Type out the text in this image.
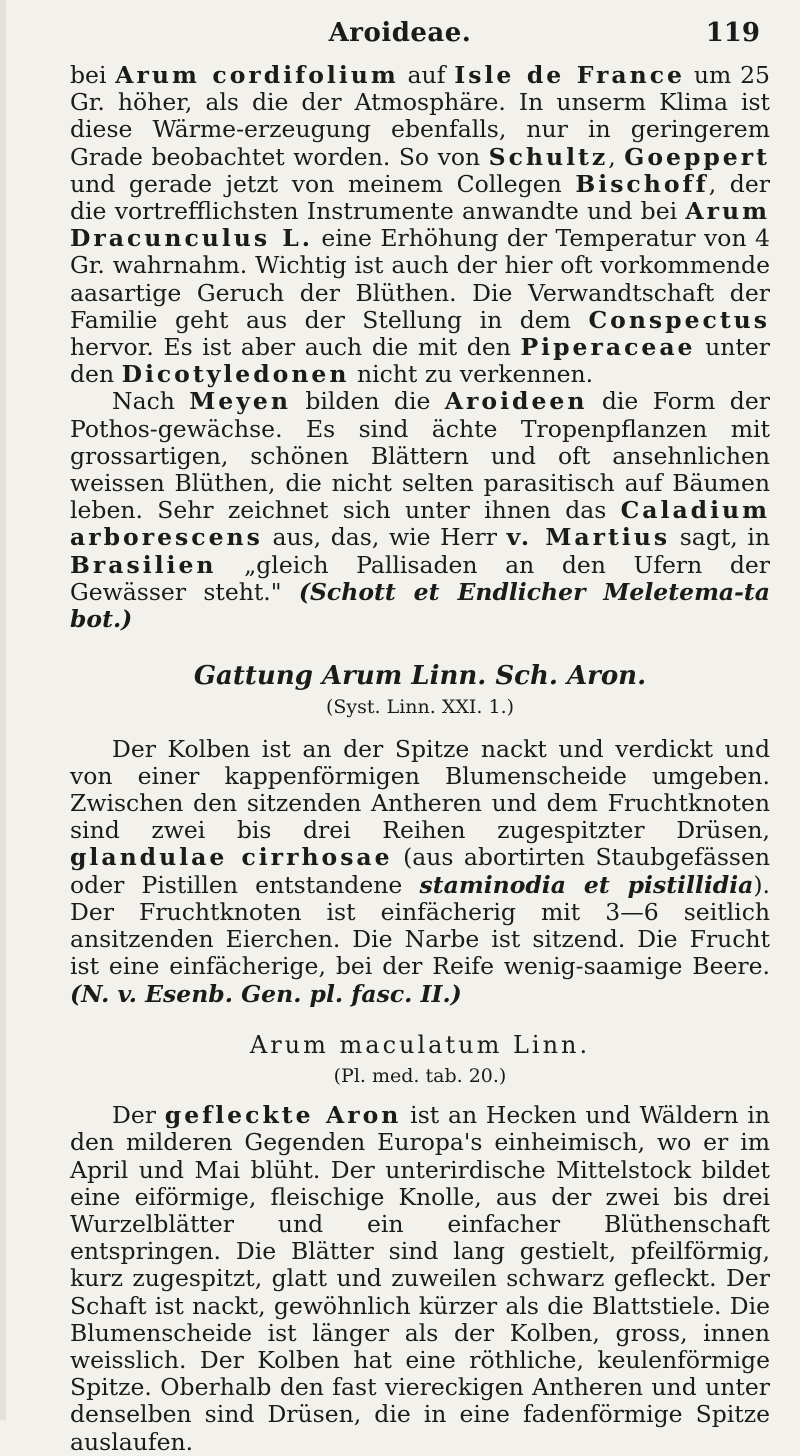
Aroideae.	119

bei Arum cordifolium auf Isle de France um 25 Gr. höher, als die der Atmosphäre. In unserm Klima ist diese Wärme-erzeugung ebenfalls, nur in geringerem Grade beobachtet worden. So von Schultz, Goeppert und gerade jetzt von meinem Collegen Bischoff, der die vortrefflichsten Instrumente anwandte und bei Arum Dracunculus L. eine Erhöhung der Temperatur von 4 Gr. wahrnahm. Wichtig ist auch der hier oft vorkommende aasartige Geruch der Blüthen. Die Verwandtschaft der Familie geht aus der Stellung in dem Conspectus hervor. Es ist aber auch die mit den Piperaceae unter den Dicotyledonen nicht zu verkennen.

Nach Meyen bilden die Aroideen die Form der Pothos-gewächse. Es sind ächte Tropenpflanzen mit grossartigen, schönen Blättern und oft ansehnlichen weissen Blüthen, die nicht selten parasitisch auf Bäumen leben. Sehr zeichnet sich unter ihnen das Caladium arborescens aus, das, wie Herr v. Martius sagt, in Brasilien „gleich Pallisaden an den Ufern der Gewässer steht." (Schott et Endlicher Meletema-ta bot.)

Gattung Arum Linn. Sch. Aron.

(Syst. Linn. XXI. 1.)

Der Kolben ist an der Spitze nackt und verdickt und von einer kappenförmigen Blumenscheide umgeben. Zwischen den sitzenden Antheren und dem Fruchtknoten sind zwei bis drei Reihen zugespitzter Drüsen, glandulae cirrhosae (aus abortirten Staubgefässen oder Pistillen entstandene staminodia et pistillidia). Der Fruchtknoten ist einfächerig mit 3—6 seitlich ansitzenden Eierchen. Die Narbe ist sitzend. Die Frucht ist eine einfächerige, bei der Reife wenig-saamige Beere. (N. v. Esenb. Gen. pl. fasc. II.)

Arum maculatum Linn.

(Pl. med. tab. 20.)

Der gefleckte Aron ist an Hecken und Wäldern in den milderen Gegenden Europa's einheimisch, wo er im April und Mai blüht. Der unterirdische Mittelstock bildet eine eiförmige, fleischige Knolle, aus der zwei bis drei Wurzelblätter und ein einfacher Blüthenschaft entspringen. Die Blätter sind lang gestielt, pfeilförmig, kurz zugespitzt, glatt und zuweilen schwarz gefleckt. Der Schaft ist nackt, gewöhnlich kürzer als die Blattstiele. Die Blumenscheide ist länger als der Kolben, gross, innen weisslich. Der Kolben hat eine röthliche, keulenförmige Spitze. Oberhalb den fast viereckigen Antheren und unter denselben sind Drüsen, die in eine fadenförmige Spitze auslaufen.
